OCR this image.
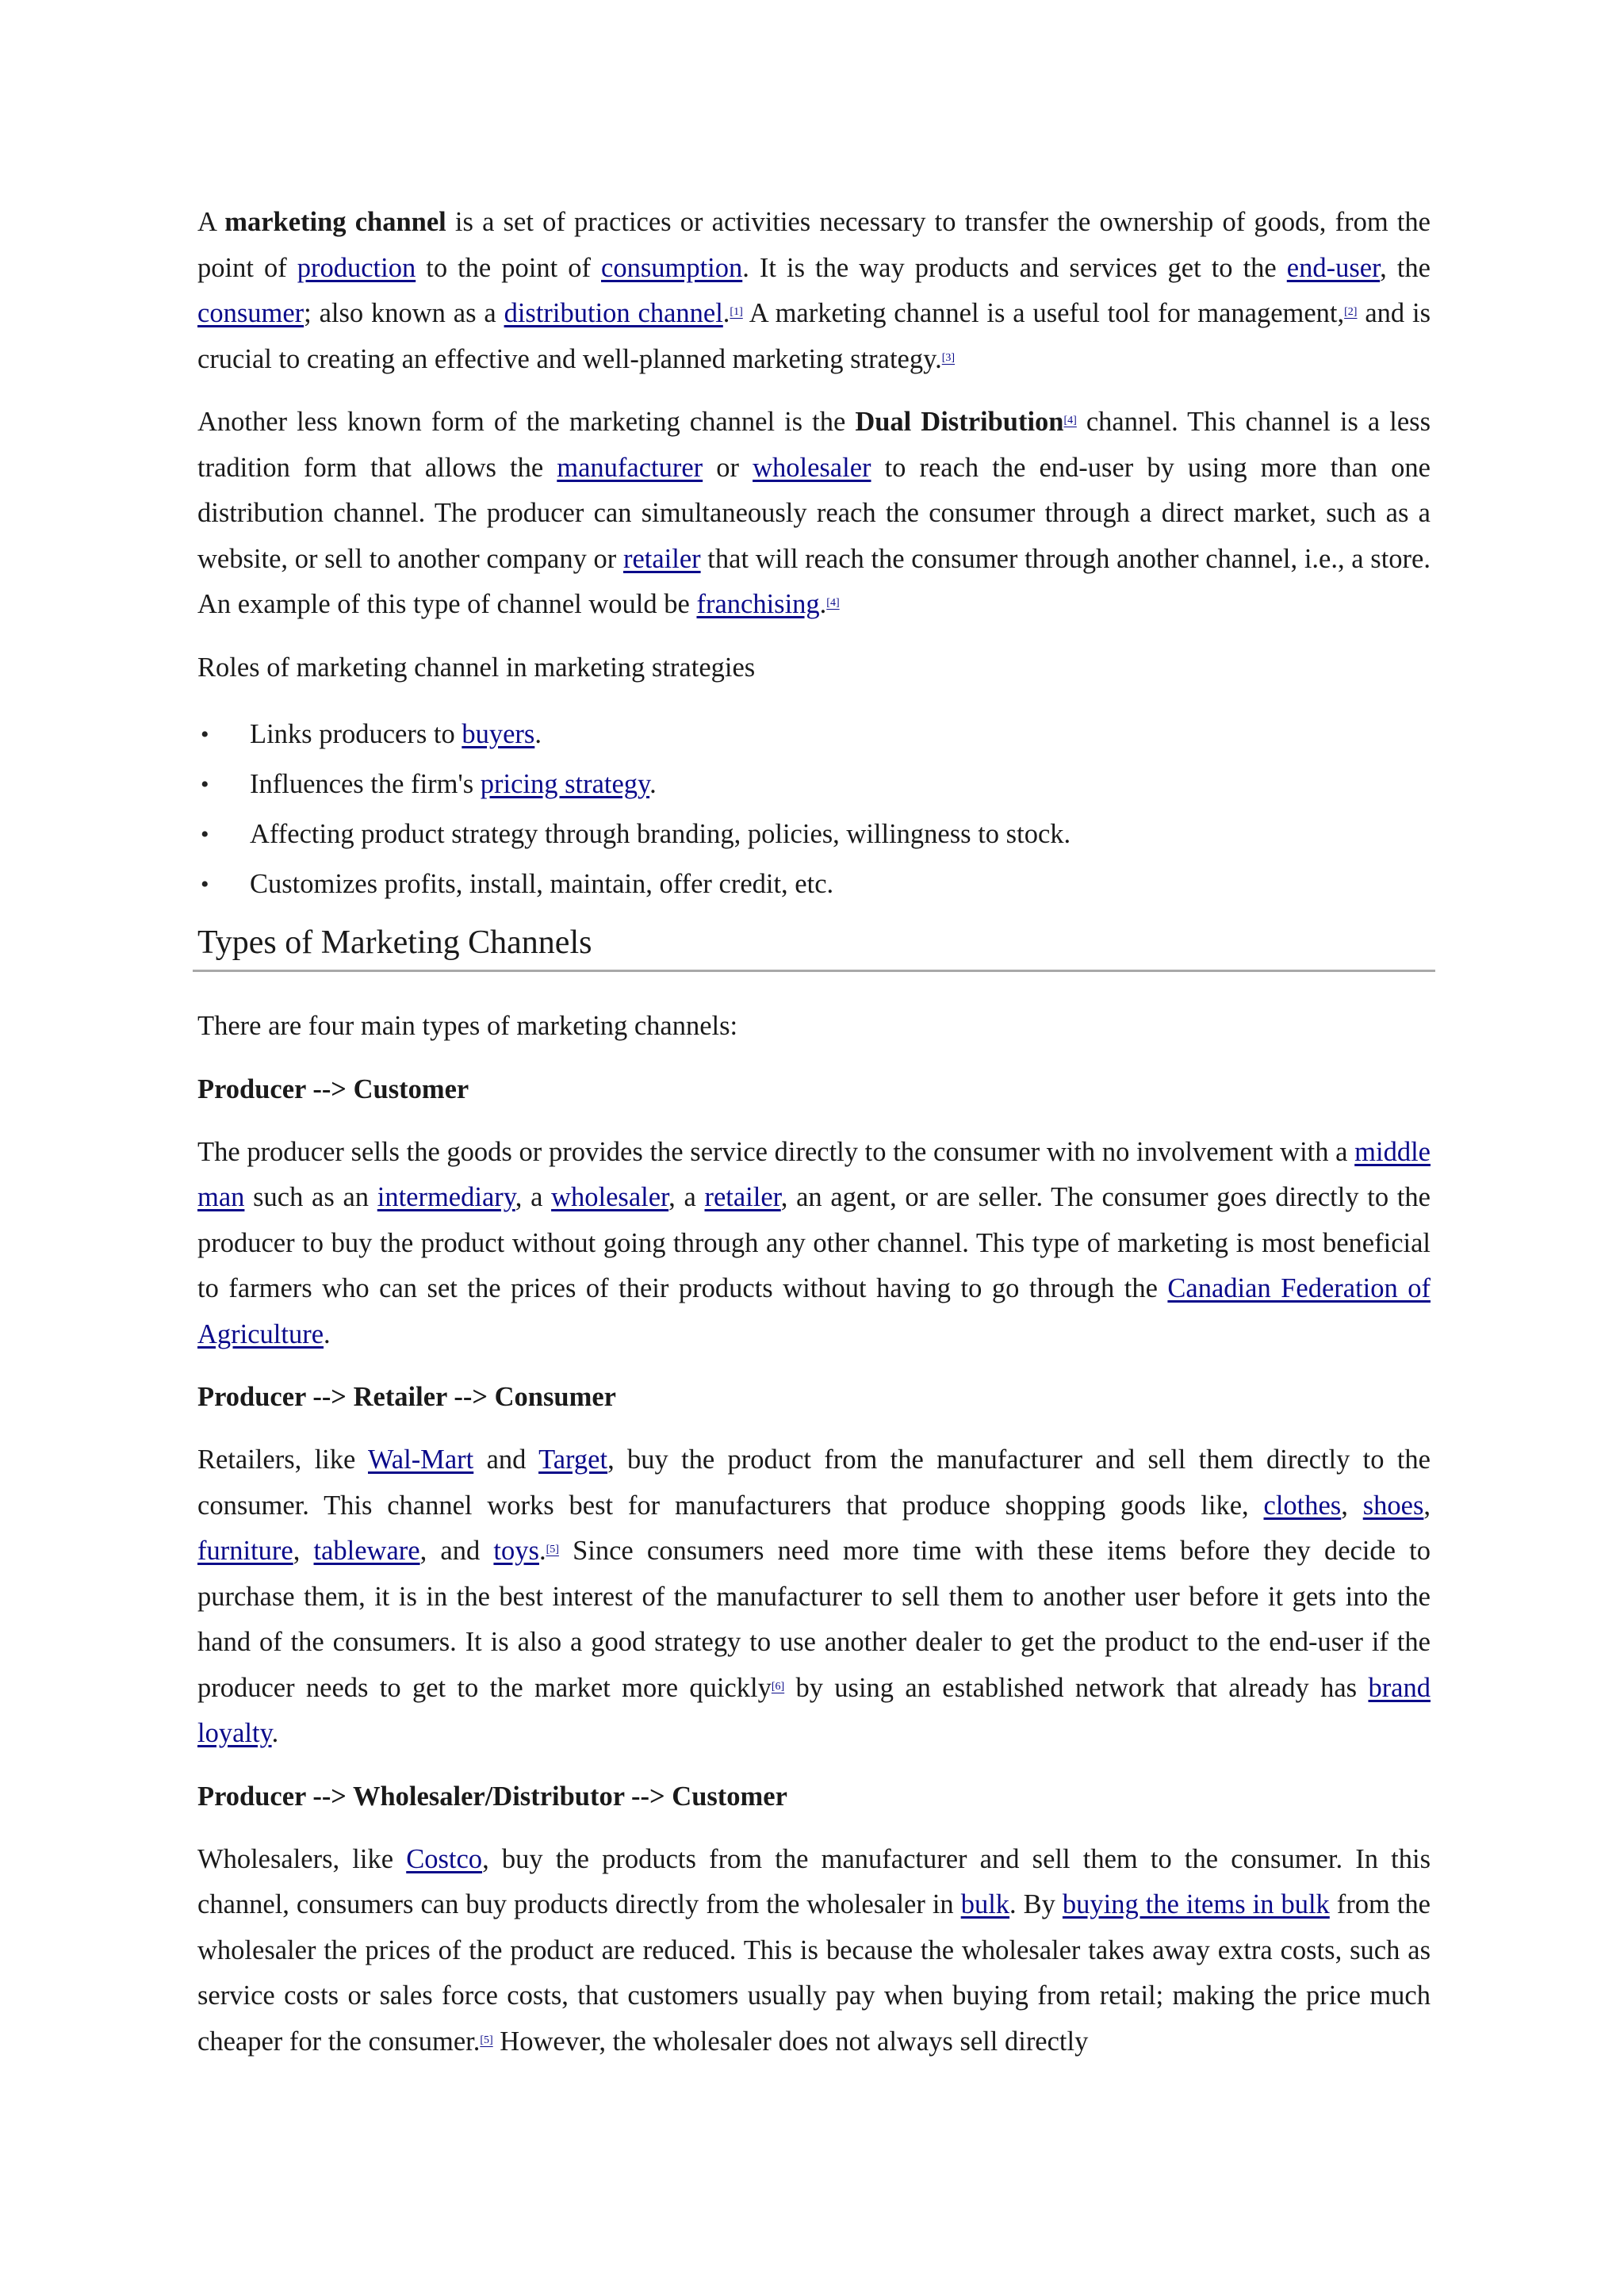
A marketing channel is a set of practices or activities necessary to transfer the ownership of goods, from the point of production to the point of consumption. It is the way products and services get to the end-user, the consumer; also known as a distribution channel.[1] A marketing channel is a useful tool for management,[2] and is crucial to creating an effective and well-planned marketing strategy.[3]

Another less known form of the marketing channel is the Dual Distribution[4] channel. This channel is a less tradition form that allows the manufacturer or wholesaler to reach the end-user by using more than one distribution channel. The producer can simultaneously reach the consumer through a direct market, such as a website, or sell to another company or retailer that will reach the consumer through another channel, i.e., a store. An example of this type of channel would be franchising.[4]

Roles of marketing channel in marketing strategies

• Links producers to buyers.
• Influences the firm's pricing strategy.
• Affecting product strategy through branding, policies, willingness to stock.
• Customizes profits, install, maintain, offer credit, etc.
Types of Marketing Channels

There are four main types of marketing channels:

Producer --> Customer

The producer sells the goods or provides the service directly to the consumer with no involvement with a middle man such as an intermediary, a wholesaler, a retailer, an agent, or are seller. The consumer goes directly to the producer to buy the product without going through any other channel. This type of marketing is most beneficial to farmers who can set the prices of their products without having to go through the Canadian Federation of Agriculture.

Producer --> Retailer --> Consumer

Retailers, like Wal-Mart and Target, buy the product from the manufacturer and sell them directly to the consumer. This channel works best for manufacturers that produce shopping goods like, clothes, shoes, furniture, tableware, and toys.[5] Since consumers need more time with these items before they decide to purchase them, it is in the best interest of the manufacturer to sell them to another user before it gets into the hand of the consumers. It is also a good strategy to use another dealer to get the product to the end-user if the producer needs to get to the market more quickly[6] by using an established network that already has brand loyalty.

Producer --> Wholesaler/Distributor --> Customer

Wholesalers, like Costco, buy the products from the manufacturer and sell them to the consumer. In this channel, consumers can buy products directly from the wholesaler in bulk. By buying the items in bulk from the wholesaler the prices of the product are reduced. This is because the wholesaler takes away extra costs, such as service costs or sales force costs, that customers usually pay when buying from retail; making the price much cheaper for the consumer.[5] However, the wholesaler does not always sell directly
